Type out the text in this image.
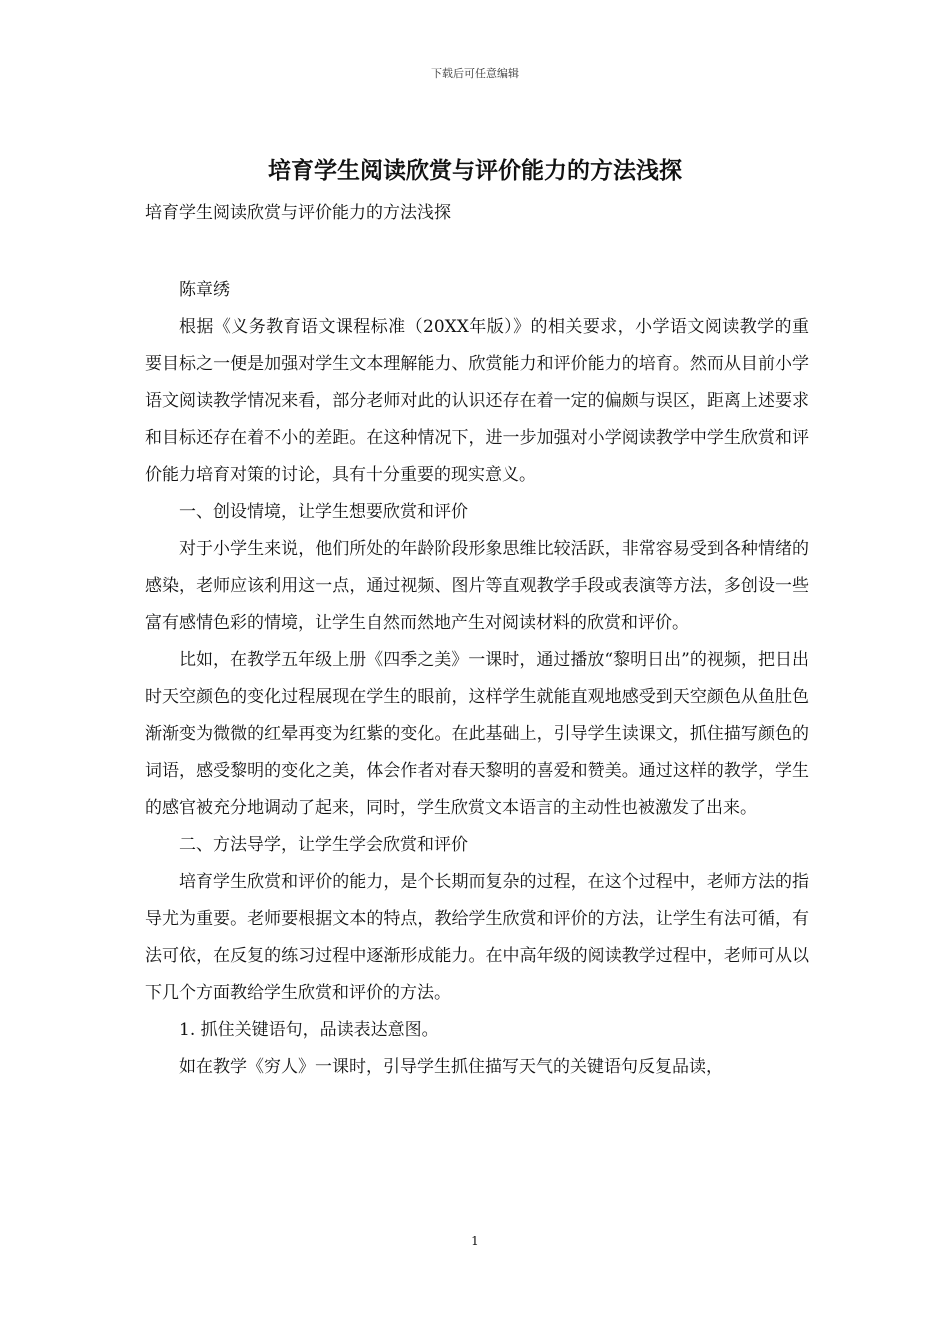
下载后可任意编辑
培育学生阅读欣赏与评价能力的方法浅探

培育学生阅读欣赏与评价能力的方法浅探

陈章绣

根据《义务教育语文课程标准（20XX年版）》的相关要求，小学语文阅读教学的重要目标之一便是加强对学生文本理解能力、欣赏能力和评价能力的培育。然而从目前小学语文阅读教学情况来看，部分老师对此的认识还存在着一定的偏颇与误区，距离上述要求和目标还存在着不小的差距。在这种情况下，进一步加强对小学阅读教学中学生欣赏和评价能力培育对策的讨论，具有十分重要的现实意义。

一、创设情境，让学生想要欣赏和评价

对于小学生来说，他们所处的年龄阶段形象思维比较活跃，非常容易受到各种情绪的感染，老师应该利用这一点，通过视频、图片等直观教学手段或表演等方法，多创设一些富有感情色彩的情境，让学生自然而然地产生对阅读材料的欣赏和评价。

比如，在教学五年级上册《四季之美》一课时，通过播放“黎明日出”的视频，把日出时天空颜色的变化过程展现在学生的眼前，这样学生就能直观地感受到天空颜色从鱼肚色渐渐变为微微的红晕再变为红紫的变化。在此基础上，引导学生读课文，抓住描写颜色的词语，感受黎明的变化之美，体会作者对春天黎明的喜爱和赞美。通过这样的教学，学生的感官被充分地调动了起来，同时，学生欣赏文本语言的主动性也被激发了出来。

二、方法导学，让学生学会欣赏和评价

培育学生欣赏和评价的能力，是个长期而复杂的过程，在这个过程中，老师方法的指导尤为重要。老师要根据文本的特点，教给学生欣赏和评价的方法，让学生有法可循，有法可依，在反复的练习过程中逐渐形成能力。在中高年级的阅读教学过程中，老师可从以下几个方面教给学生欣赏和评价的方法。

1. 抓住关键语句，品读表达意图。

如在教学《穷人》一课时，引导学生抓住描写天气的关键语句反复品读，

1
